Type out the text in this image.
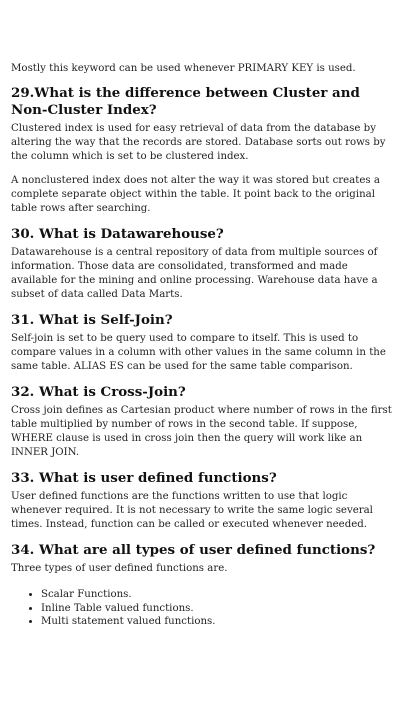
Mostly this keyword can be used whenever PRIMARY KEY is used.

29.What is the difference between Cluster and Non-Cluster Index?

Clustered index is used for easy retrieval of data from the database by altering the way that the records are stored. Database sorts out rows by the column which is set to be clustered index.

A nonclustered index does not alter the way it was stored but creates a complete separate object within the table. It point back to the original table rows after searching.

30. What is Datawarehouse?

Datawarehouse is a central repository of data from multiple sources of information. Those data are consolidated, transformed and made available for the mining and online processing. Warehouse data have a subset of data called Data Marts.

31. What is Self-Join?

Self-join is set to be query used to compare to itself. This is used to compare values in a column with other values in the same column in the same table. ALIAS ES can be used for the same table comparison.

32. What is Cross-Join?

Cross join defines as Cartesian product where number of rows in the first table multiplied by number of rows in the second table. If suppose, WHERE clause is used in cross join then the query will work like an INNER JOIN.

33. What is user defined functions?

User defined functions are the functions written to use that logic whenever required. It is not necessary to write the same logic several times. Instead, function can be called or executed whenever needed.

34. What are all types of user defined functions?

Three types of user defined functions are.

• Scalar Functions.
• Inline Table valued functions.
• Multi statement valued functions.
